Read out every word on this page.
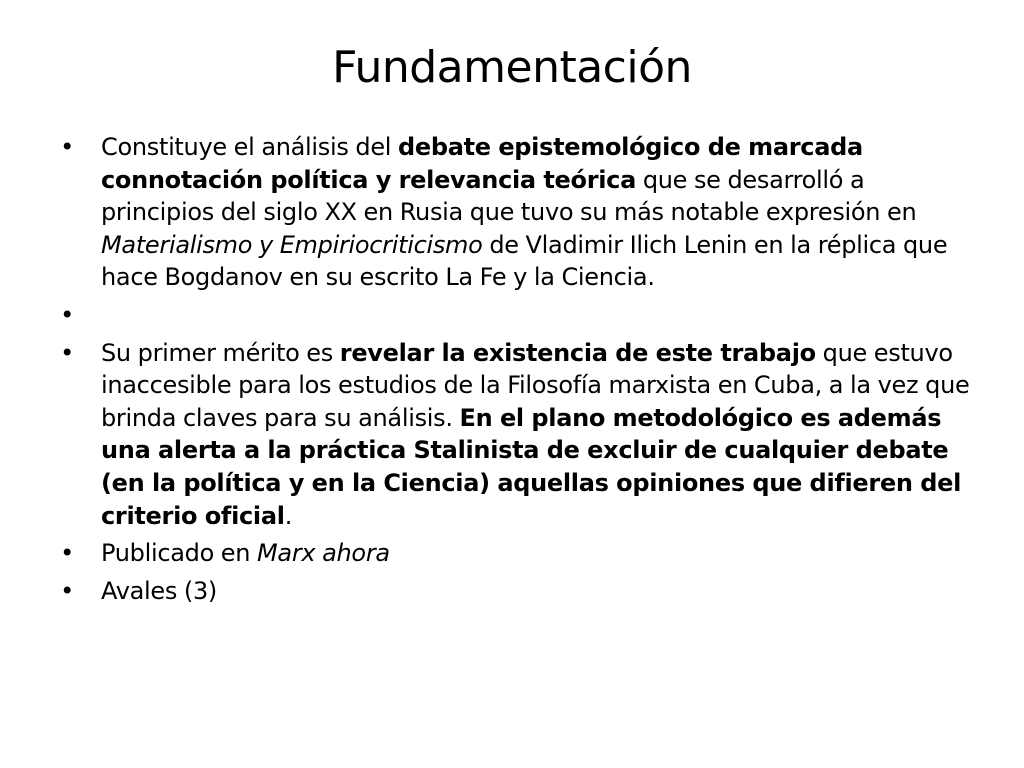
Fundamentación
• Constituye el análisis del debate epistemológico de marcada connotación política y relevancia teórica que se desarrolló a principios del siglo XX en Rusia que tuvo su más notable expresión en Materialismo y Empiriocriticismo de Vladimir Ilich Lenin en la réplica que hace Bogdanov en su escrito La Fe y la Ciencia.
•
• Su primer mérito es revelar la existencia de este trabajo que estuvo inaccesible para los estudios de la Filosofía marxista en Cuba, a la vez que brinda claves para su análisis. En el plano metodológico es además una alerta a la práctica Stalinista de excluir de cualquier debate (en la política y en la Ciencia) aquellas opiniones que difieren del criterio oficial.
• Publicado en Marx ahora
• Avales (3)
